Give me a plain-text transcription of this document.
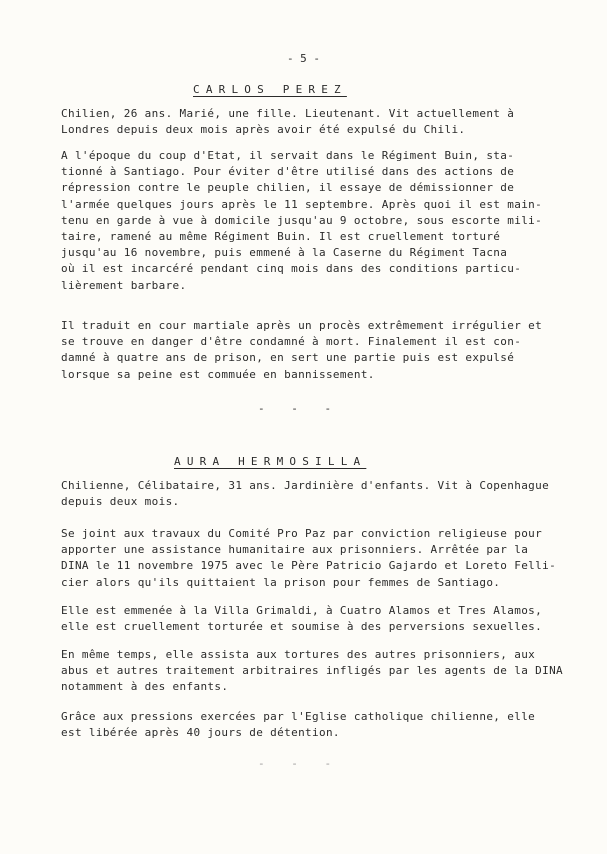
- 5 -
CARLOS PEREZ
Chilien, 26 ans. Marié, une fille. Lieutenant. Vit actuellement à
Londres depuis deux mois après avoir été expulsé du Chili.
A l'époque du coup d'Etat, il servait dans le Régiment Buin, sta-
tionné à Santiago. Pour éviter d'être utilisé dans des actions de
répression contre le peuple chilien, il essaye de démissionner de
l'armée quelques jours après le 11 septembre. Après quoi il est main-
tenu en garde à vue à domicile jusqu'au 9 octobre, sous escorte mili-
taire, ramené au même Régiment Buin. Il est cruellement torturé
jusqu'au 16 novembre, puis emmené à la Caserne du Régiment Tacna
où il est incarcéré pendant cinq mois dans des conditions particu-
lièrement barbare.
Il traduit en cour martiale après un procès extrêmement irrégulier et
se trouve en danger d'être condamné à mort. Finalement il est con-
damné à quatre ans de prison, en sert une partie puis est expulsé
lorsque sa peine est commuée en bannissement.
- - -
AURA HERMOSILLA
Chilienne, Célibataire, 31 ans. Jardinière d'enfants. Vit à Copenhague
depuis deux mois.
Se joint aux travaux du Comité Pro Paz par conviction religieuse pour
apporter une assistance humanitaire aux prisonniers. Arrêtée par la
DINA le 11 novembre 1975 avec le Père Patricio Gajardo et Loreto Felli-
cier alors qu'ils quittaient la prison pour femmes de Santiago.
Elle est emmenée à la Villa Grimaldi, à Cuatro Alamos et Tres Alamos,
elle est cruellement torturée et soumise à des perversions sexuelles.
En même temps, elle assista aux tortures des autres prisonniers, aux
abus et autres traitement arbitraires infligés par les agents de la DINA
notamment à des enfants.
Grâce aux pressions exercées par l'Eglise catholique chilienne, elle
est libérée après 40 jours de détention.
- - -
